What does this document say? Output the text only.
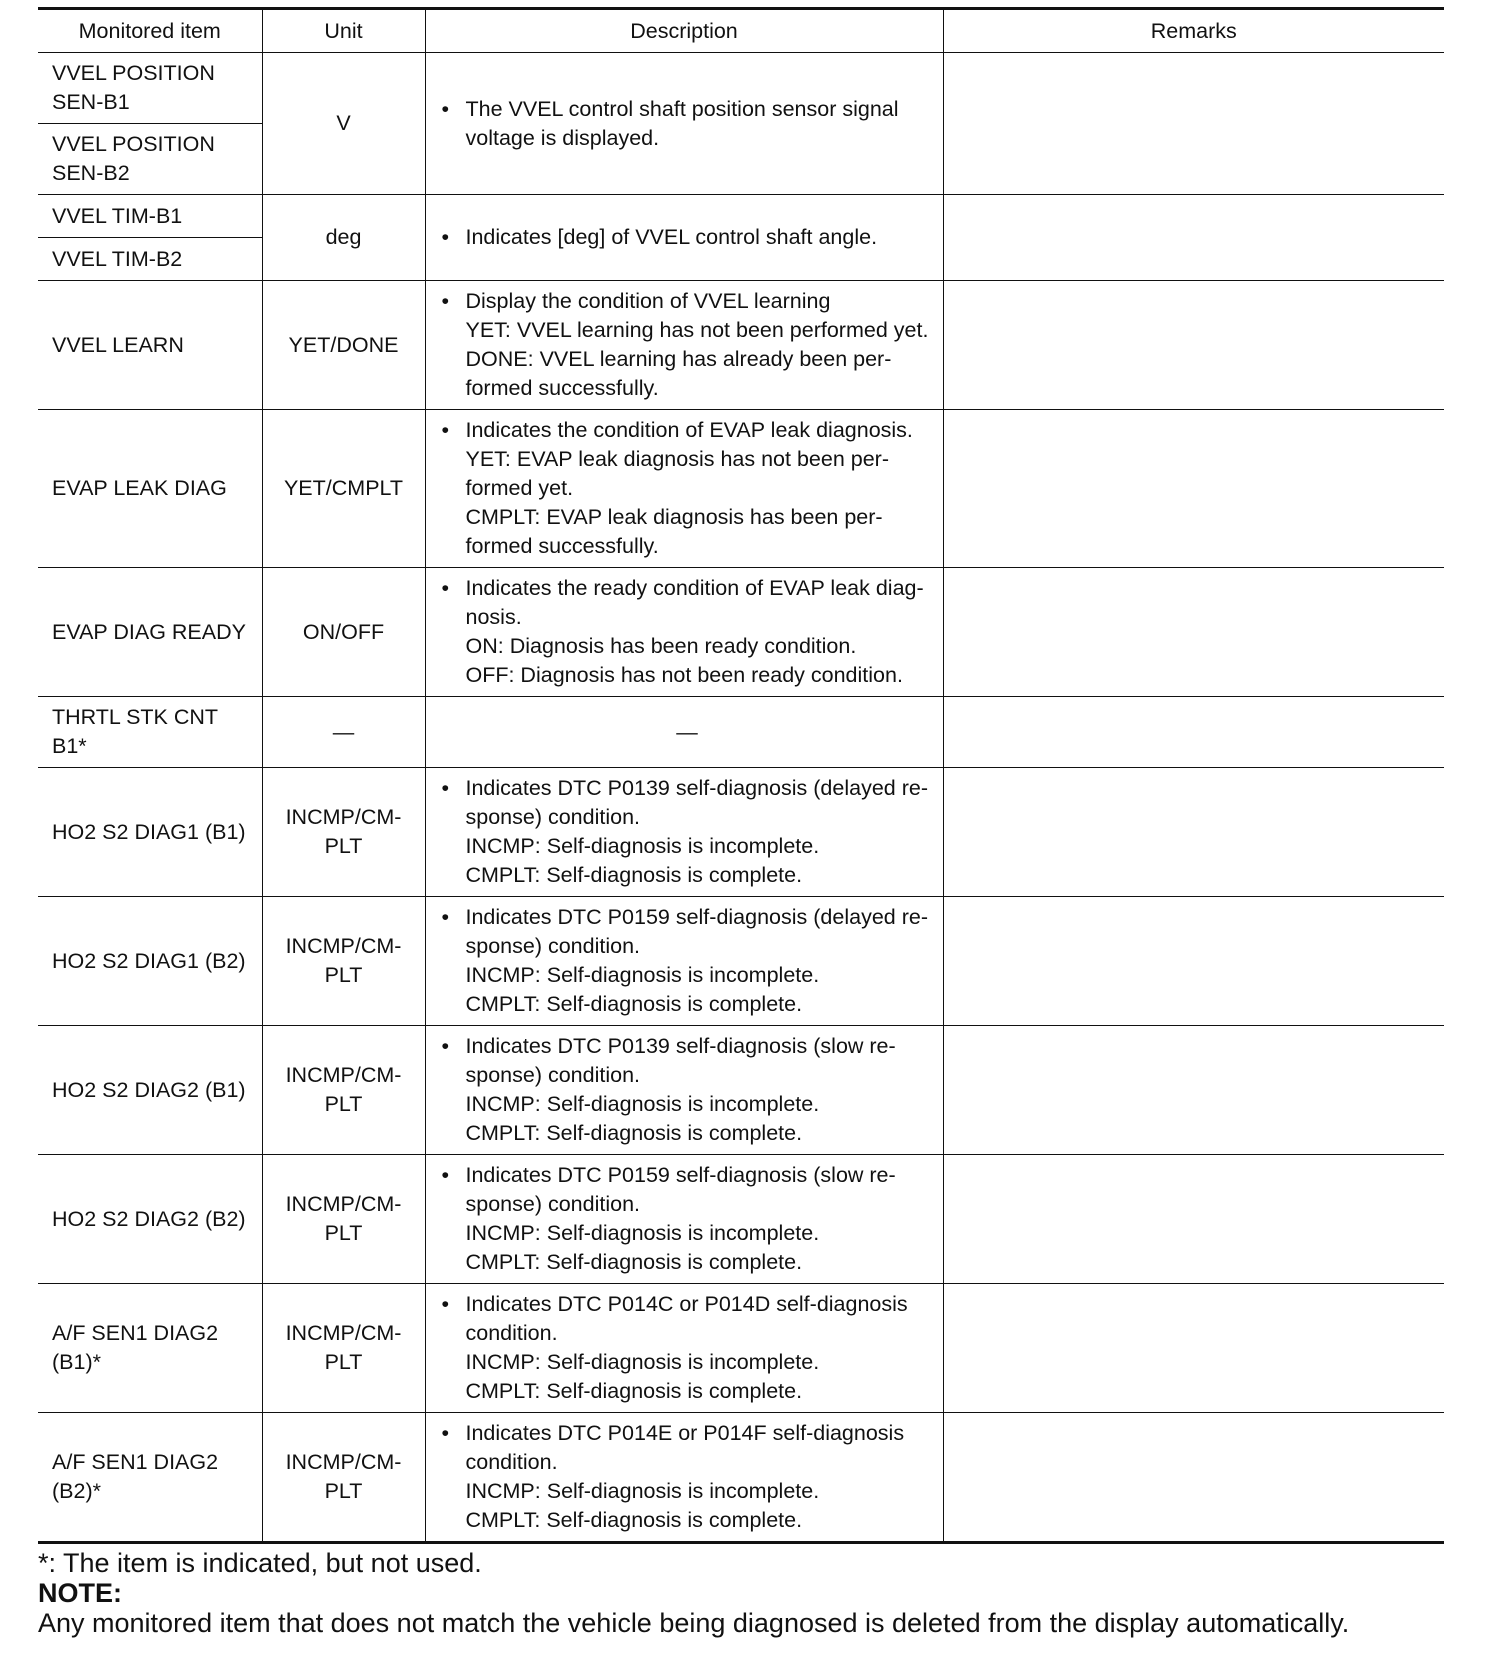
Monitored item	Unit	Description	Remarks
VVEL POSITION SEN-B1	V	• The VVEL control shaft position sensor signal voltage is displayed.	

VVEL POSITION SEN-B2			
VVEL TIM-B1	deg	• Indicates [deg] of VVEL control shaft angle.	

VVEL TIM-B2			
VVEL LEARN	YET/DONE	• Display the condition of VVEL learning
YET: VVEL learning has not been performed yet.
DONE: VVEL learning has already been per-formed successfully.	

EVAP LEAK DIAG	YET/CMPLT	• Indicates the condition of EVAP leak diagnosis.
YET: EVAP leak diagnosis has not been per-formed yet.
CMPLT: EVAP leak diagnosis has been per-formed successfully.	

EVAP DIAG READY	ON/OFF	• Indicates the ready condition of EVAP leak diag-nosis.
ON: Diagnosis has been ready condition.
OFF: Diagnosis has not been ready condition.	

THRTL STK CNT B1*	—	—	
HO2 S2 DIAG1 (B1)	INCMP/CM-PLT	• Indicates DTC P0139 self-diagnosis (delayed re-sponse) condition.
INCMP: Self-diagnosis is incomplete.
CMPLT: Self-diagnosis is complete.	

HO2 S2 DIAG1 (B2)	INCMP/CM-PLT	• Indicates DTC P0159 self-diagnosis (delayed re-sponse) condition.
INCMP: Self-diagnosis is incomplete.
CMPLT: Self-diagnosis is complete.	

HO2 S2 DIAG2 (B1)	INCMP/CM-PLT	• Indicates DTC P0139 self-diagnosis (slow re-sponse) condition.
INCMP: Self-diagnosis is incomplete.
CMPLT: Self-diagnosis is complete.	

HO2 S2 DIAG2 (B2)	INCMP/CM-PLT	• Indicates DTC P0159 self-diagnosis (slow re-sponse) condition.
INCMP: Self-diagnosis is incomplete.
CMPLT: Self-diagnosis is complete.	

A/F SEN1 DIAG2 (B1)*	INCMP/CM-PLT	• Indicates DTC P014C or P014D self-diagnosis condition.
INCMP: Self-diagnosis is incomplete.
CMPLT: Self-diagnosis is complete.	

A/F SEN1 DIAG2 (B2)*	INCMP/CM-PLT	• Indicates DTC P014E or P014F self-diagnosis condition.
INCMP: Self-diagnosis is incomplete.
CMPLT: Self-diagnosis is complete.	

*: The item is indicated, but not used.
NOTE:
Any monitored item that does not match the vehicle being diagnosed is deleted from the display automatically.
